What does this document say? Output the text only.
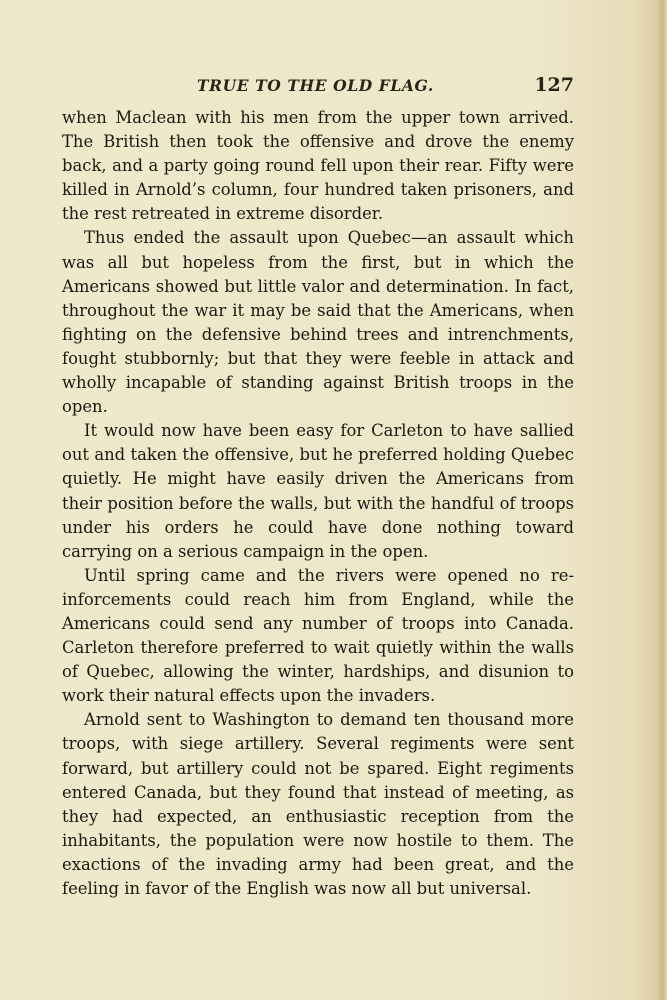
TRUE TO THE OLD FLAG.	127

when Maclean with his men from the upper town arrived. The British then took the offensive and drove the enemy back, and a party going round fell upon their rear. Fifty were killed in Arnold’s column, four hundred taken prisoners, and the rest retreated in extreme disorder.

Thus ended the assault upon Quebec—an assault which was all but hopeless from the first, but in which the Americans showed but little valor and determination. In fact, throughout the war it may be said that the Americans, when fighting on the defensive behind trees and intrenchments, fought stubbornly; but that they were feeble in attack and wholly incapable of standing against British troops in the open.

It would now have been easy for Carleton to have sallied out and taken the offensive, but he preferred holding Quebec quietly. He might have easily driven the Americans from their position before the walls, but with the handful of troops under his orders he could have done nothing toward carrying on a serious campaign in the open.

Until spring came and the rivers were opened no reinforcements could reach him from England, while the Americans could send any number of troops into Canada. Carleton therefore preferred to wait quietly within the walls of Quebec, allowing the winter, hardships, and disunion to work their natural effects upon the invaders.

Arnold sent to Washington to demand ten thousand more troops, with siege artillery. Several regiments were sent forward, but artillery could not be spared. Eight regiments entered Canada, but they found that instead of meeting, as they had expected, an enthusiastic reception from the inhabitants, the population were now hostile to them. The exactions of the invading army had been great, and the feeling in favor of the English was now all but universal.
